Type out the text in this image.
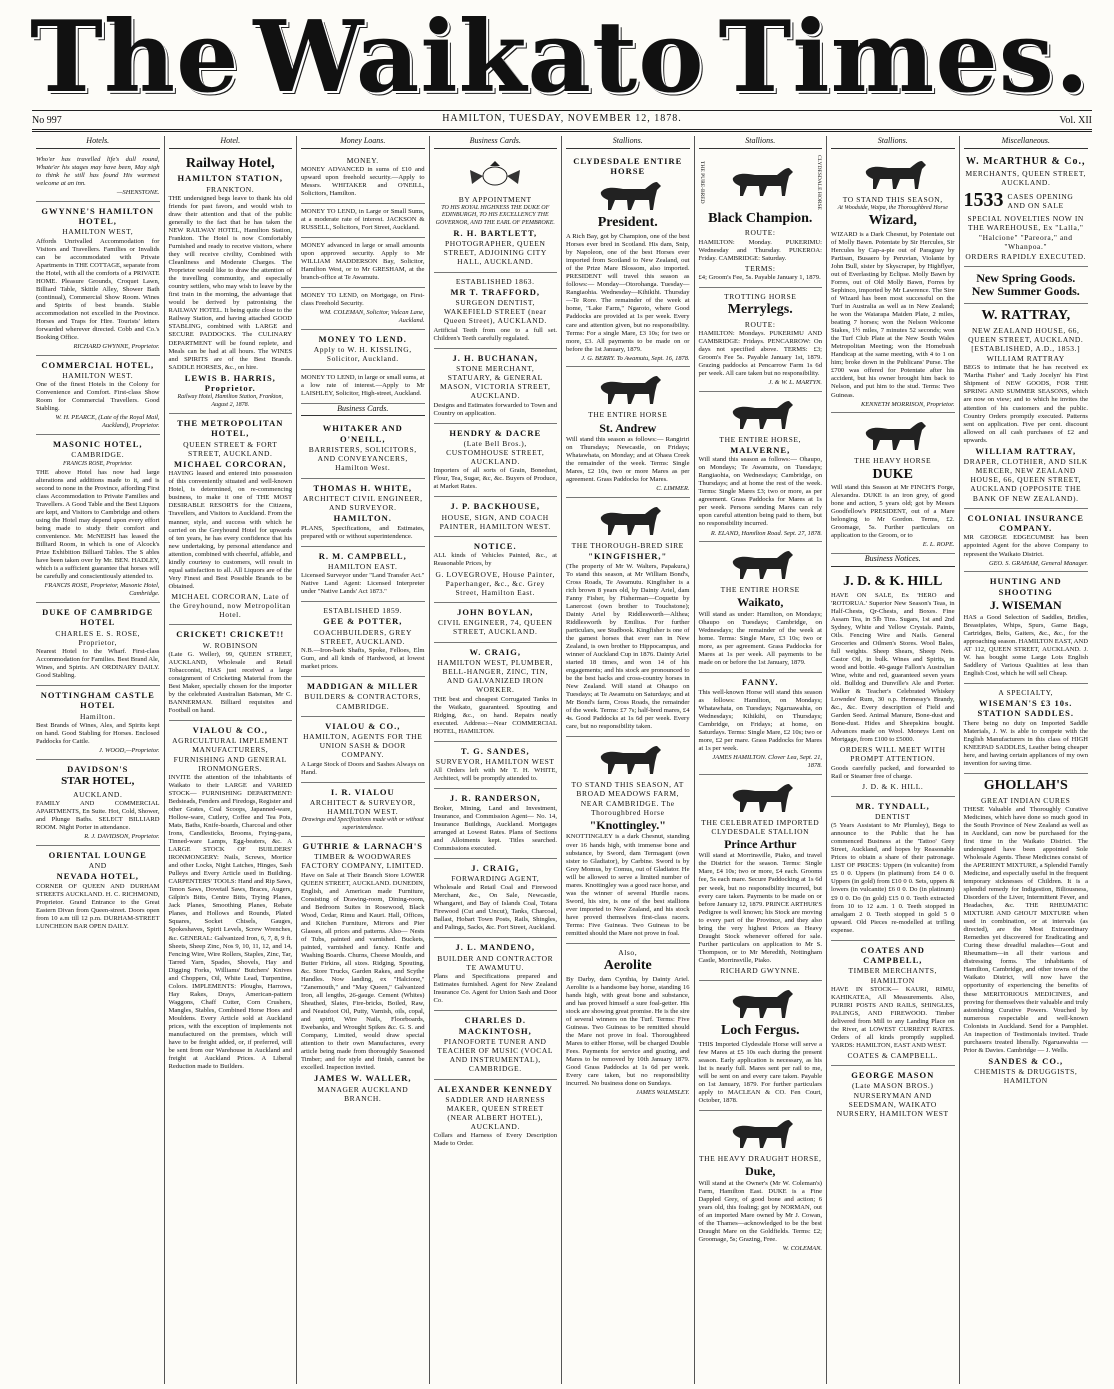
The Waikato Times.
No 997	HAMILTON, TUESDAY, NOVEMBER 12, 1878.	Vol. XII
Hotels.
Who'er has travelled life's dull round, Whate'er his stages may have been, May sigh to think he still has found His warmest welcome at an inn.
—SHENSTONE.
GWYNNE'S HAMILTON HOTEL,
HAMILTON WEST,
Affords Unrivalled Accommodation for Visitors and Travellers. Families or Invalids can be accommodated with Private Apartments in THE COTTAGE, separate from the Hotel, with all the comforts of a PRIVATE HOME. Pleasure Grounds, Croquet Lawn, Billiard Table, Skittle Alley, Shower Bath (continual), Commercial Show Room. Wines and Spirits of best brands. Stable accommodation not excelled in the Province. Horses and Traps for Hire. Tourists' letters forwarded wherever directed. Cobb and Co.'s Booking Office.
RICHARD GWYNNE, Proprietor.
COMMERCIAL HOTEL,
HAMILTON WEST.
One of the finest Hotels in the Colony for Convenience and Comfort. First-class Show Room for Commercial Travellers. Good Stabling.
W. H. PEARCE, (Late of the Royal Mail, Auckland), Proprietor.
MASONIC HOTEL,
CAMBRIDGE.
FRANCIS ROSE, Proprietor.
THE above Hotel has now had large alterations and additions made to it, and is second to none in the Province, affording First class Accommodation to Private Families and Travellers. A Good Table and the Best Liquors are kept, and Visitors to Cambridge and others using the Hotel may depend upon every effort being made to study their comfort and convenience. Mr. McNEISH has leased the Billiard Room, in which is one of Alcock's Prize Exhibition Billiard Tables. The S ables have been taken over by Mr. BEN. HADLEY, which is a sufficient guarantee that horses will be carefully and conscientiously attended to.
FRANCIS ROSE, Proprietor, Masonic Hotel, Cambridge.
DUKE OF CAMBRIDGE HOTEL
CHARLES E. S. ROSE, Proprietor,
Nearest Hotel to the Wharf. First-class Accommodation for Families. Best Brand Ale, Wines, and Spirits. AN ORDINARY DAILY. Good Stabling.
NOTTINGHAM CASTLE HOTEL
Hamilton.
Best Brands of Wines, Ales, and Spirits kept on hand. Good Stabling for Horses. Enclosed Paddocks for Cattle.
J. WOOD,—Proprietor.
DAVIDSON'S
STAR HOTEL,
AUCKLAND.
FAMILY AND COMMERCIAL APARTMENTS, En Suite. Hot, Cold, Shower, and Plunge Baths. SELECT BILLIARD ROOM. Night Porter in attendance.
R. J. DAVIDSON, Proprietor.
ORIENTAL LOUNGE
AND
NEVADA HOTEL,
CORNER OF QUEEN AND DURHAM STREETS AUCKLAND. H. C. RICHMOND, Proprietor. Grand Entrance to the Great Eastern Divan from Queen-street. Doors open from 10 a.m till 12 p.m. DURHAM-STREET LUNCHEON BAR OPEN DAILY.
Hotel.
Railway Hotel,
HAMILTON STATION,
FRANKTON.
THE undersigned begs leave to thank his old friends for past favors, and would wish to draw their attention and that of the public generally to the fact that he has taken the NEW RAILWAY HOTEL, Hamilton Station, Frankton. The Hotel is now Comfortably Furnished and ready to receive visitors, where they will receive civility, Combined with Cleanliness and Moderate Charges. The Proprietor would like to draw the attention of the travelling community, and especially country settlers, who may wish to leave by the first train in the morning, the advantage that would be derived by patronising the RAILWAY HOTEL. It being quite close to the Railway Station, and having attached GOOD STABLING, combined with LARGE and SECURE PADDOCKS. The CULINARY DEPARTMENT will be found replete, and Meals can be had at all hours. The WINES and SPIRITS are of the Best Brands. SADDLE HORSES, &c., on hire.
LEWIS B. HARRIS, Proprietor.
Railway Hotel, Hamilton Station, Frankton, August 2, 1878.
THE METROPOLITAN HOTEL,
QUEEN STREET & FORT STREET, AUCKLAND.
MICHAEL CORCORAN,
HAVING leased and entered into possession of this conveniently situated and well-known Hotel, is determined, on re-commencing business, to make it one of THE MOST DESIRABLE RESORTS for the Citizens, Travellers, and Visitors to Auckland. From the manner, style, and success with which he carried on the Greyhound Hotel for upwards of ten years, he has every confidence that his new undertaking, by personal attendance and attention, combined with cheerful, affable, and kindly courtesy to customers, will result in equal satisfaction to all. All Liquors are of the Very Finest and Best Possible Brands to be Obtained.
MICHAEL CORCORAN, Late of the Greyhound, now Metropolitan Hotel.
CRICKET! CRICKET!!
W. ROBINSON
(Late G. Weller), 99, QUEEN STREET, AUCKLAND, Wholesale and Retail Tobacconist, HAS just received a large consignment of Cricketing Material from the Best Maker, specially chosen for the importer by the celebrated Australian Batsman, Mr C. BANNERMAN. Billiard requisites and Football on hand.
VIALOU & CO.,
AGRICULTURAL IMPLEMENT MANUFACTURERS, FURNISHING AND GENERAL IRONMONGERS.
INVITE the attention of the inhabitants of Waikato to their LARGE and VARIED STOCK— FURNISHING DEPARTMENT: Bedsteads, Fenders and Firedogs, Register and other Grates, Coal Scoops, Japanned-ware, Hollow-ware, Cutlery, Coffee and Tea Pots, Mats, Baths, Knife-boards, Charcoal and other Irons, Candlesticks, Brooms, Frying-pans, Tinned-ware Lamps, Egg-beaters, &c. A LARGE STOCK OF BUILDERS' IRONMONGERY: Nails, Screws, Mortice and other Locks, Night Latches, Hinges, Sash Pulleys and Every Article used in Building. CARPENTERS' TOOLS: Hand and Rip Saws, Tenon Saws, Dovetail Saws, Braces, Augers, Gilpin's Bitts, Centre Bitts, Trying Planes, Jack Planes, Smoothing Planes, Rebate Planes, and Hollows and Rounds, Plated Squares, Socket Chisels, Gauges, Spokeshaves, Spirit Levels, Screw Wrenches, &c. GENERAL: Galvanized Iron, 6, 7, 8, 9 ft. Sheets, Sheep Zinc, Nos 9, 10, 11, 12, and 14, Fencing Wire, Wire Rollers, Staples, Zinc, Tar, Tarred Yarn, Spades, Shovels, Hay and Digging Forks, Williams' Butchers' Knives and Choppers, Oil, White Lead, Turpentine, Colors. IMPLEMENTS: Ploughs, Harrows, Hay Rakes, Drays, American-pattern Waggons, Chaff Cutter, Corn Crushers, Mangles, Stables, Combined Horse Hoes and Mouldens. Every Article sold at Auckland prices, with the exception of implements not manufactured on the premises, which will have to be freight added, or, if preferred, will be sent from our Warehouse in Auckland and freight at Auckland Prices. A Liberal Reduction made to Builders.
Money Loans.
MONEY.
MONEY ADVANCED in sums of £10 and upward upon freehold security.—Apply to Messrs. WHITAKER and O'NEILL, Solicitors, Hamilton.
MONEY TO LEND, in Large or Small Sums, at a moderate rate of interest. JACKSON & RUSSELL, Solicitors, Fort Street, Auckland.
MONEY advanced in large or small amounts upon approved security. Apply to Mr WILLIAM MADDERSON Bay, Solicitor, Hamilton West, or to Mr GRESHAM, at the branch-office at Te Awamutu.
MONEY TO LEND, on Mortgage, on First-class Freehold Security.
WM. COLEMAN, Solicitor, Vulcan Lane, Auckland.
MONEY TO LEND.
Apply to W. H. KISSLING, Solicitor, Auckland.
MONEY TO LEND, in large or small sums, at a low rate of interest.—Apply to Mr LAISHLEY, Solicitor, High-street, Auckland.
Business Cards.
WHITAKER AND O'NEILL,
BARRISTERS, SOLICITORS, AND CONVEYANCERS, Hamilton West.
THOMAS H. WHITE,
ARCHITECT CIVIL ENGINEER, AND SURVEYOR.
HAMILTON.
PLANS, Specifications, and Estimates, prepared with or without superintendence.
R. M. CAMPBELL,
HAMILTON EAST.
Licensed Surveyor under "Land Transfer Act." Native Land Agent: Licensed Interpreter under "Native Lands' Act 1873."
ESTABLISHED 1859.
GEE & POTTER,
COACHBUILDERS, GREY STREET, AUCKLAND.
N.B.—Iron-bark Shafts, Spoke, Felloes, Elm Gum, and all kinds of Hardwood, at lowest market prices.
MADDIGAN & MILLER
BUILDERS & CONTRACTORS, CAMBRIDGE.
VIALOU & CO.,
HAMILTON, AGENTS FOR THE UNION SASH & DOOR COMPANY.
A Large Stock of Doors and Sashes Always on Hand.
I. R. VIALOU
ARCHITECT & SURVEYOR, HAMILTON WEST.
Drawings and Specifications made with or without superintendence.
GUTHRIE & LARNACH'S
TIMBER & WOODWARES FACTORY COMPANY, LIMITED.
Have on Sale at Their Branch Store LOWER QUEEN STREET, AUCKLAND. DUNEDIN, English, and American made Furniture, Consisting of Drawing-room, Dining-room, and Bedroom Suites in Rosewood, Black Wood, Cedar, Rimu and Kauri. Hall, Offices, and Kitchen Furniture, Mirrors and Pier Glasses, all prices and patterns. Also— Nests of Tubs, painted and varnished. Buckets, painted, varnished and fancy. Knife and Washing Boards. Churns, Cheese Moulds, and Butter Firkins, all sizes. Ridging, Spouting, &c. Store Trucks, Garden Rakes, and Scythe Handles. Now landing, ex "Halcione," "Zanemouth," and "May Queen," Galvanized Iron, all lengths, 26-gauge. Cement (Whites) Sheathed, Slates, Fire-bricks, Boiled, Raw, and Neatsfoot Oil, Putty, Varnish, oils, copal, and spirit, Wire Nails, Floorboards, Ewebanks, and Wrought Spikes &c. G. S. and Company, Limited, would draw special attention to their own Manufactures, every article being made from thoroughly Seasoned Timber; and for style and finish, cannot be excelled. Inspection invited.
JAMES W. WALLER,
MANAGER AUCKLAND BRANCH.
Business Cards.
BY APPOINTMENT
TO HIS ROYAL HIGHNESS THE DUKE OF EDINBURGH, TO HIS EXCELLENCY THE GOVERNOR, AND THE EARL OF PEMBROKE.
R. H. BARTLETT,
PHOTOGRAPHER, QUEEN STREET, ADJOINING CITY HALL, AUCKLAND.
ESTABLISHED 1863.
MR T. TRAFFORD,
SURGEON DENTIST, WAKEFIELD STREET (near Queen Street), AUCKLAND.
Artificial Teeth from one to a full set. Children's Teeth carefully regulated.
J. H. BUCHANAN,
STONE MERCHANT, STATUARY, & GENERAL MASON, VICTORIA STREET, AUCKLAND.
Designs and Estimates forwarded to Town and Country on application.
HENDRY & DACRE
(Late Bell Bros.), CUSTOMHOUSE STREET, AUCKLAND.
Importers of all sorts of Grain, Bonedust, Flour, Tea, Sugar, &c, &c. Buyers of Produce, at Market Rates.
J. P. BACKHOUSE,
HOUSE, SIGN, AND COACH PAINTER, HAMILTON WEST.
NOTICE.
ALL kinds of Vehicles Painted, &c., at Reasonable Prices, by
G. LOVEGROVE, House Painter, Paperhanger, &c., &c. Grey Street, Hamilton East.
JOHN BOYLAN,
CIVIL ENGINEER, 74, QUEEN STREET, AUCKLAND.
W. CRAIG,
HAMILTON WEST, PLUMBER, BELL-HANGER, ZINC, TIN, AND GALVANIZED IRON WORKER.
THE best and cheapest Corrugated Tanks in the Waikato, guaranteed. Spouting and Ridging, &c., on hand. Repairs neatly executed. Address:—Near COMMERCIAL HOTEL, HAMILTON.
T. G. SANDES,
SURVEYOR, HAMILTON WEST
All Orders left with Mr T. H. WHITE, Architect, will be promptly attended to.
J. R. RANDERSON,
Broker, Mining, Land and Investment, Insurance, and Commission Agent— No. 14, Insurance Buildings, Auckland. Mortgages arranged at Lowest Rates. Plans of Sections and Allotments kept. Titles searched. Commissions executed.
J. CRAIG,
FORWARDING AGENT,
Wholesale and Retail Coal and Firewood Merchant, &c., On Sale, Newcastle, Whangarei, and Bay of Islands Coal, Totara Firewood (Cut and Uncut), Tanks, Charcoal, Ballast, Hobart Town Posts, Rails, Shingles, and Palings, Sacks, &c. Fort Street, Auckland.
J. L. MANDENO,
BUILDER AND CONTRACTOR TE AWAMUTU.
Plans and Specifications prepared and Estimates furnished. Agent for New Zealand Insurance Co. Agent for Union Sash and Door Co.
CHARLES D. MACKINTOSH,
PIANOFORTE TUNER AND TEACHER OF MUSIC (VOCAL AND INSTRUMENTAL), CAMBRIDGE.
ALEXANDER KENNEDY
SADDLER AND HARNESS MAKER, QUEEN STREET (NEAR ALBERT HOTEL), AUCKLAND.
Collars and Harness of Every Description Made to Order.
Stallions.
CLYDESDALE ENTIRE HORSE
President.
A Rich Bay, got by Champion, one of the best Horses ever bred in Scotland. His dam, Snip, by Napoleon, one of the best Horses ever imported from Scotland to New Zealand, out of the Prize Mare Blossom, also imported. PRESIDENT will travel this season as follows:— Monday—Otorohanga. Tuesday—Rangiaohia. Wednesday—Kihikihi. Thursday—Te Rore. The remainder of the week at home, "Lake Farm," Ngaroto, where Good Paddocks are provided at 1s per week. Every care and attention given, but no responsibility. Terms: For a single Mare, £3 10s; for two or more, £3. All payments to be made on or before the 1st January, 1879.
J. G. BERRY. To Awamutu, Sept. 16, 1878.
THE ENTIRE HORSE
St. Andrew
Will stand this season as follows:— Rangiriri on Thursdays; Newcastle, on Fridays; Whatawhata, on Monday; and at Ohaea Creek the remainder of the week. Terms: Single Mares, £2 10s, two or more Mares as per agreement. Grass Paddocks for Mares.
C. LIMMER.
THE THOROUGH-BRED SIRE
"KINGFISHER,"
(The property of Mr W. Walters, Papakura,) To stand this season, at Mr William Bond's, Cross Roads, Te Awamutu. Kingfisher is a rich brown 8 years old, by Dainty Ariel, dam Fanny Fisher, by Fisherman—Coquette by Lanercost (own brother to Touchstone); Dainty Ariel by Riddlesworth—Althea; Riddlesworth by Emilius. For further particulars, see Studbook. Kingfisher is one of the gamest horses that ever ran in New Zealand, is own brother to Hippocampus, and winner of Auckland Cup in 1876. Dainty Ariel started 18 times, and won 14 of his engagements; and his stock are pronounced to be the best hacks and cross-country horses in New Zealand. Will stand at Ohaupo on Tuesdays; at Te Awamutu on Saturdays; and at Mr Bond's farm, Cross Roads, the remainder of the week. Terms: £7 7s; half-bred mares, £4 4s. Good Paddocks at 1s 6d per week. Every care, but no responsibility taken.
TO STAND THIS SEASON, AT BROAD MEADOWS FARM, NEAR CAMBRIDGE. The Thoroughbred Horse
"Knottingley."
KNOTTINGLEY is a dark Chesnut, standing over 16 hands high, with immense bone and substance, by Sword, dam Termagant (own sister to Gladiator), by Carbine. Sword is by Grey Momus, by Comus, out of Gladiator. He will be allowed to serve a limited number of mares. Knottingley was a good race horse, and was the winner of several Hurdle races. Sword, his sire, is one of the best stallions ever imported to New Zealand, and his stock have proved themselves first-class racers. Terms: Five Guineas. Two Guineas to be remitted should the Mare not prove in foal.
Also,
Aerolite
By Darby, dam Cynthia, by Dainty Ariel. Aerolite is a handsome bay horse, standing 16 hands high, with great bone and substance, and has proved himself a sure foal-getter. His stock are showing great promise. He is the sire of several winners on the Turf. Terms: Five Guineas. Two Guineas to be remitted should the Mare not prove in foal. Thoroughbred Mares to either Horse, will be charged Double Fees. Payments for service and grazing, and Mares to be removed by 10th January 1879. Good Grass Paddocks at 1s 6d per week. Every care taken, but no responsibility incurred. No business done on Sundays.
JAMES WALMSLEY.
Stallions.
THE PURE-BRED	CLYDESDALE HORSE
Black Champion.
ROUTE:
HAMILTON: Monday. PUKERIMU: Wednesday and Thursday. PUKEROA: Friday. CAMBRIDGE: Saturday.
TERMS:
£4; Groom's Fee, 5s. Payable January 1, 1879.
TROTTING HORSE
Merrylegs.
ROUTE:
HAMILTON: Mondays. PUKERIMU AND CAMBRIDGE: Fridays. PENCARROW: On days not specified above. TERMS: £3; Groom's Fee 5s. Payable January 1st, 1879. Grazing paddocks at Pencarrow Farm 1s 6d per week. All care taken but no responsibility.
J. & W. L. MARTYN.
THE ENTIRE HORSE,
MALVERNE,
Will stand this season as follows:— Ohaupo, on Mondays; Te Awamutu, on Tuesdays; Rangiaohia, on Wednesdays; Cambridge, on Thursdays; and at home the rest of the week. Terms: Single Mares £3; two or more, as per agreement. Grass Paddocks for Mares at 1s per week. Persons sending Mares can rely upon careful attention being paid to them, but no responsibility incurred.
R. ELAND, Hamilton Road. Sept. 27, 1878.
THE ENTIRE HORSE
Waikato,
Will stand as under: Hamilton, on Mondays; Ohaupo on Tuesdays; Cambridge, on Wednesdays; the remainder of the week at home. Terms: Single Mare, £3 10s; two or more, as per agreement. Grass Paddocks for Mares at 1s per week. All payments to be made on or before the 1st January, 1879.
FANNY.
This well-known Horse will stand this season as follows: Hamilton, on Mondays; Whatawhata, on Tuesdays; Ngaruawahia, on Wednesdays; Kihikihi, on Thursdays; Cambridge, on Fridays; at home, on Saturdays. Terms: Single Mare, £2 10s; two or more, £2 per mare. Grass Paddocks for Mares at 1s per week.
JAMES HAMILTON. Clover Lea, Sept. 21, 1878.
THE CELEBRATED IMPORTED CLYDESDALE STALLION
Prince Arthur
Will stand at Morrinsville, Piako, and travel the District for the season. Terms: Single Mare, £4 10s; two or more, £4 each. Grooms fee, 5s each mare. Secure Paddocking at 1s 6d per week, but no responsibility incurred, but every care taken. Payments to be made on or before January 12, 1879. PRINCE ARTHUR'S Pedigree is well known; his Stock are moving to every part of the Province, and they also bring the very highest Prices as Heavy Draught Stock whenever offered for sale. Further particulars on application to Mr S. Thompson, or to Mr Meredith, Nottingham Castle, Morrinsville, Piako.
RICHARD GWYNNE.
Loch Fergus.
THIS Imported Clydesdale Horse will serve a few Mares at £5 10s each during the present season. Early application is necessary, as his list is nearly full. Mares sent per rail to me, will be sent on and every care taken. Payable on 1st January, 1879. For further particulars apply to MACLEAN & CO. Fen Court, October, 1878.
THE HEAVY DRAUGHT HORSE,
Duke,
Will stand at the Owner's (Mr W. Coleman's) Farm, Hamilton East. DUKE is a Fine Dappled Grey, of good bone and action; 6 years old, this foaling; got by NORMAN, out of an imported Mare owned by Mr J. Cowan, of the Thames—acknowledged to be the best Draught Mare on the Goldfields. Terms: £2; Groomage, 5s; Grazing, Free.
W. COLEMAN.
Stallions.
TO STAND THIS SEASON,
At Woodside, Waipa, the Thoroughbred Horse
Wizard,
WIZARD is a Dark Chesnut, by Potentate out of Molly Bawn. Potentate by Sir Hercules, Sir Hercules by Cap-a-pie out of Paraguay by Partisan, Busaero by Peruvian, Violante by John Bull, sister by Skyscraper, by Highflyer, out of Everlasting by Eclipse. Molly Bawn by Forres, out of Old Molly Bawn, Forres by Sephinco, imported by Mr Lawrence. The Sire of Wizard has been most successful on the Turf in Australia as well as in New Zealand; he won the Waiarapa Maiden Plate, 2 miles, beating 7 horses; won the Nelson Welcome Stakes, 1½ miles, 7 minutes 52 seconds; won the Turf Club Plate at the New South Wales Metropolitan Meeting; won the Homebush Handicap at the same meeting, with 4 to 1 on him; broke down in the Publicans' Purse. The £700 was offered for Potentate after his accident, but his owner brought him back to Nelson, and put him to the stud. Terms: Two Guineas.
KENNETH MORRISON, Proprietor.
THE HEAVY HORSE
DUKE
Will stand this Season at Mr FINCH'S Forge, Alexandra. DUKE is an iron grey, of good bone and action, 5 years old; got by Messrs Goodfellow's PRESIDENT, out of a Mare belonging to Mr Gordon. Terms, £2. Groomage, 5s. Further particulars on application to the Groom, or to
E. L. ROPE.
Business Notices.
J. D. & K. HILL
HAVE ON SALE, Ex 'HERO and 'ROTORUA.' Superior New Season's Teas, in Half-Chests, Qr-Chests, and Boxes. Fine Assam Tea, in 5lb Tins. Sugars, 1st and 2nd Sydney, White and Yellow Crystals. Paints, Oils. Fencing Wire and Nails. General Groceries and Oilmen's Stores. Wool Bales, full weights. Sheep Shears, Sheep Nets. Castor Oil, in bulk. Wines and Spirits, in wood and bottle. 40-gauge Fallon's Australian Wine, white and red, guaranteed seven years old. Bulldog and Dunville's Ale and Porter. Walker & Teacher's Celebrated Whiskey Lowndes' Rum, 30 o.p. Hennessy's Brandy, &c., &c. Every description of Field and Garden Seed. Animal Manure, Bone-dust and Bone-dust. Hides and Sheepskins bought. Advances made on Wool. Moneys Lent on Mortgage, from £100 to £5000.
ORDERS WILL MEET WITH PROMPT ATTENTION.
Goods carefully packed, and forwarded to Rail or Steamer free of charge.
J. D. & K. HILL.
MR. TYNDALL,
DENTIST
(5 Years Assistant to Mr Plumley), Begs to announce to the Public that he has commenced Business at the 'Tattoo' Grey Street, Auckland, and hopes by Reasonable Prices to obtain a share of their patronage. LIST OF PRICES: Uppers (in vulcanite) from £5 0 0. Uppers (in platinum) from £4 0 0. Uppers (in gold) from £10 0 0. Sets, uppers & lowers (in vulcanite) £6 0 0. Do (in platinum) £9 0 0. Do (in gold) £15 0 0. Teeth extracted from 10 to 12 a.m. 1 0. Teeth stopped in amalgam 2 0. Teeth stopped in gold 5 0 upward. Old Pieces re-modelled at trifling expense.
COATES AND CAMPBELL,
TIMBER MERCHANTS, HAMILTON
HAVE IN STOCK— KAURI, RIMU, KAHIKATEA, All Measurements. Also, PURIRI POSTS AND RAILS, SHINGLES, PALINGS, AND FIREWOOD. Timber delivered from Mill to any Landing Place on the River, at LOWEST CURRENT RATES. Orders of all kinds promptly supplied. YARDS: HAMILTON, EAST AND WEST.
COATES & CAMPBELL.
GEORGE MASON
(Late MASON BROS.) NURSERYMAN AND SEEDSMAN, WAIKATO NURSERY, HAMILTON WEST
Miscellaneous.
W. McARTHUR & Co.,
MERCHANTS, QUEEN STREET, AUCKLAND.
1533 CASES OPENING AND ON SALE
SPECIAL NOVELTIES NOW IN THE WAREHOUSE, Ex "Lalla," "Halcione" "Pareora," and "Whanpoa."
ORDERS RAPIDLY EXECUTED.
New Spring Goods. New Summer Goods.
W. RATTRAY,
NEW ZEALAND HOUSE, 66, QUEEN STREET, AUCKLAND. [ESTABLISHED, A.D., 1853.]
WILLIAM RATTRAY
BEGS to intimate that he has received ex 'Martha Fisher' and 'Lady Jocelyn' his First Shipment of NEW GOODS, FOR THE SPRING AND SUMMER SEASONS, which are now on view; and to which he invites the attention of his customers and the public. Country Orders promptly executed. Patterns sent on application. Five per cent. discount allowed on all cash purchases of £2 and upwards.
WILLIAM RATTRAY,
DRAPER, CLOTHIER, AND SILK MERCER, NEW ZEALAND HOUSE, 66, QUEEN STREET, AUCKLAND (OPPOSITE THE BANK OF NEW ZEALAND).
COLONIAL INSURANCE COMPANY.
MR GEORGE EDGECUMBE has been appointed Agent for the above Company to represent the Waikato District.
GEO. S. GRAHAM, General Manager.
HUNTING AND SHOOTING
J. WISEMAN
HAS a Good Selection of Saddles, Bridles, Breastplates, Whips, Spurs, Game Bags, Cartridges, Belts, Gaiters, &c., &c., for the approaching season. HAMILTON EAST, AND AT 112, QUEEN STREET, AUCKLAND. J. W. has bought some Large Lots English Saddlery of Various Qualities at less than English Cost, which he will sell Cheap.
A SPECIALTY,
WISEMAN'S £3 10s. STATION SADDLES.
There being no duty on Imported Saddle Materials, J. W. is able to compete with the English Manufacturers in this class of HIGH KNEEPAD SADDLES, Leather being cheaper here, and having certain appliances of my own invention for saving time.
GHOLLAH'S
GREAT INDIAN CURES
THESE Valuable and Thoroughly Curative Medicines, which have done so much good in the South Province of New Zealand as well as in Auckland, can now be purchased for the first time in the Waikato District. The undersigned have been appointed Sole Wholesale Agents. These Medicines consist of the APERIENT MIXTURE, a Splendid Family Medicine, and especially useful in the frequent temporary sicknesses of Children. It is a splendid remedy for Indigestion, Biliousness, Disorders of the Liver, Intermittent Fever, and Headaches, &c. THE RHEUMATIC MIXTURE AND GHOUT MIXTURE when used in combination, or at intervals (as directed), are the Most Extraordinary Remedies yet discovered for Eradicating and Curing these dreadful maladies—Gout and Rheumatism—in all their various and distressing forms. The inhabitants of Hamilton, Cambridge, and other towns of the Waikato District, will now have the opportunity of experiencing the benefits of these MERITORIOUS MEDICINES, and proving for themselves their valuable and truly astonishing Curative Powers. Vouched by numerous respectable and well-known Colonists in Auckland. Send for a Pamphlet. An inspection of Testimonials invited. Trade purchasers treated liberally. Ngaruawahia — Prior & Davies. Cambridge — J. Wells.
SANDES & CO.,
CHEMISTS & DRUGGISTS, HAMILTON
